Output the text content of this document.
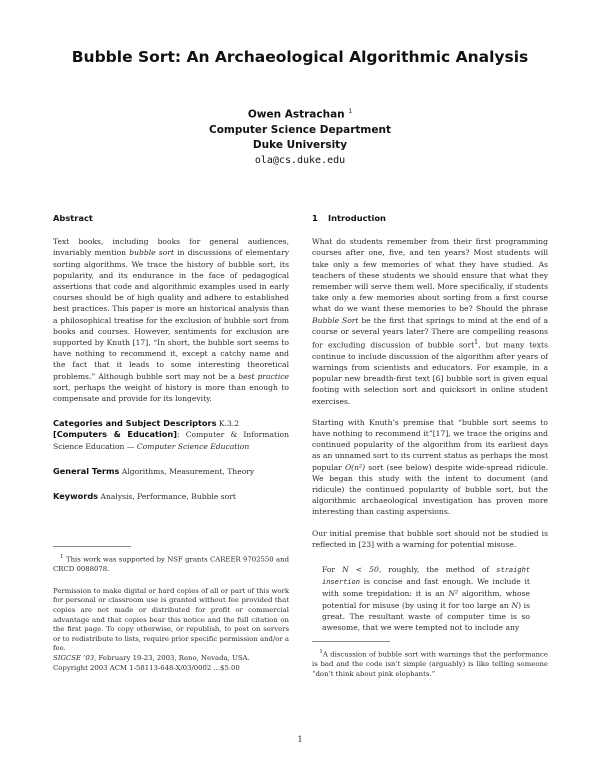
Bubble Sort: An Archaeological Algorithmic Analysis
Owen Astrachan $^1$
Computer Science Department
Duke University
ola@cs.duke.edu
Abstract

Text books, including books for general audiences, invariably mention bubble sort in discussions of elementary sorting algorithms. We trace the history of bubble sort, its popularity, and its endurance in the face of pedagogical assertions that code and algorithmic examples used in early courses should be of high quality and adhere to established best practices. This paper is more an historical analysis than a philosophical treatise for the exclusion of bubble sort from books and courses. However, sentiments for exclusion are supported by Knuth [17], “In short, the bubble sort seems to have nothing to recommend it, except a catchy name and the fact that it leads to some interesting theoretical problems.” Although bubble sort may not be a best practice sort, perhaps the weight of history is more than enough to compensate and provide for its longevity.

Categories and Subject Descriptors K.3.2
[Computers & Education]: Computer & Information Science Education — Computer Science Education

General Terms Algorithms, Measurement, Theory

Keywords Analysis, Performance, Bubble sort

$^1$ This work was supported by NSF grants CAREER 9702550 and CRCD 0088078.

Permission to make digital or hard copies of all or part of this work for personal or classroom use is granted without fee provided that copies are not made or distributed for profit or commercial advantage and that copies bear this notice and the full citation on the first page. To copy otherwise, or republish, to post on servers or to redistribute to lists, require prior specific permission and/or a fee.
SIGCSE ’03, February 19-23, 2003, Reno, Nevada, USA.
Copyright 2003 ACM 1-58113-648-X/03/0002 ...$5.00

1 Introduction

What do students remember from their first programming courses after one, five, and ten years? Most students will take only a few memories of what they have studied. As teachers of these students we should ensure that what they remember will serve them well. More specifically, if students take only a few memories about sorting from a first course what do we want these memories to be? Should the phrase Bubble Sort be the first that springs to mind at the end of a course or several years later? There are compelling reasons for excluding discussion of bubble sort$^1$, but many texts continue to include discussion of the algorithm after years of warnings from scientists and educators. For example, in a popular new breadth-first text [6] bubble sort is given equal footing with selection sort and quicksort in online student exercises.

Starting with Knuth’s premise that “bubble sort seems to have nothing to recommend it”[17], we trace the origins and continued popularity of the algorithm from its earliest days as an unnamed sort to its current status as perhaps the most popular O(n²) sort (see below) despite wide-spread ridicule. We began this study with the intent to document (and ridicule) the continued popularity of bubble sort, but the algorithmic archaeological investigation has proven more interesting than casting aspersions.

Our initial premise that bubble sort should not be studied is reflected in [23] with a warning for potential misuse.

For N < 50, roughly, the method of straight insertion is concise and fast enough. We include it with some trepidation: it is an N² algorithm, whose potential for misuse (by using it for too large an N) is great. The resultant waste of computer time is so awesome, that we were tempted not to include any

$^1$A discussion of bubble sort with warnings that the performance is bad and the code isn’t simple (arguably) is like telling someone “don’t think about pink elephants.”

1
